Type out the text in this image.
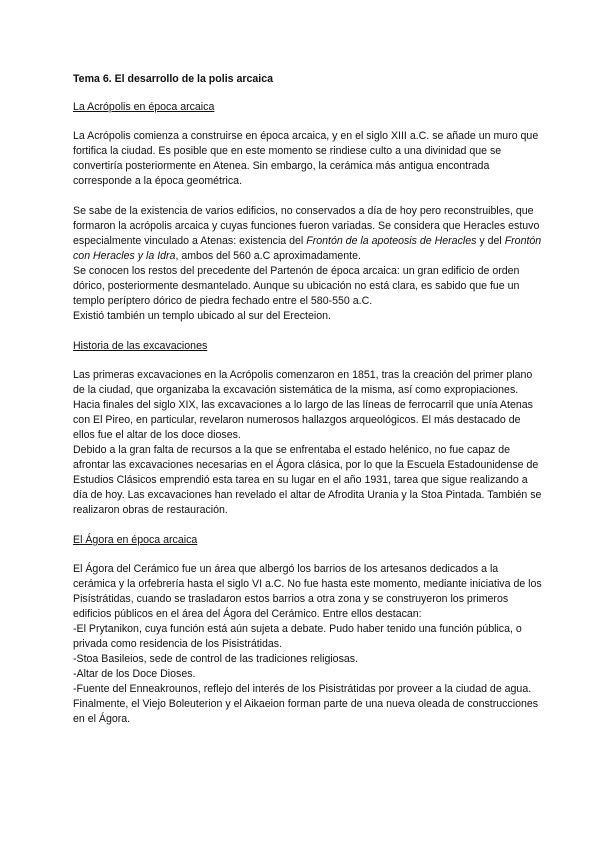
Tema 6. El desarrollo de la polis arcaica
La Acrópolis en época arcaica

La Acrópolis comienza a construirse en época arcaica, y en el siglo XIII a.C. se añade un muro que fortifica la ciudad. Es posible que en este momento se rindiese culto a una divinidad que se convertiría posteriormente en Atenea. Sin embargo, la cerámica más antigua encontrada corresponde a la época geométrica.

Se sabe de la existencia de varios edificios, no conservados a día de hoy pero reconstruibles, que formaron la acrópolis arcaica y cuyas funciones fueron variadas. Se considera que Heracles estuvo especialmente vinculado a Atenas: existencia del Frontón de la apoteosis de Heracles y del Frontón con Heracles y la Idra, ambos del 560 a.C aproximadamente.

Se conocen los restos del precedente del Partenón de época arcaica: un gran edificio de orden dórico, posteriormente desmantelado. Aunque su ubicación no está clara, es sabido que fue un templo períptero dórico de piedra fechado entre el 580-550 a.C.

Existió también un templo ubicado al sur del Erecteion.

Historia de las excavaciones

Las primeras excavaciones en la Acrópolis comenzaron en 1851, tras la creación del primer plano de la ciudad, que organizaba la excavación sistemática de la misma, así como expropiaciones. Hacia finales del siglo XIX, las excavaciones a lo largo de las líneas de ferrocarril que unía Atenas con El Pireo, en particular, revelaron numerosos hallazgos arqueológicos. El más destacado de ellos fue el altar de los doce dioses.

Debido a la gran falta de recursos a la que se enfrentaba el estado helénico, no fue capaz de afrontar las excavaciones necesarias en el Ágora clásica, por lo que la Escuela Estadounidense de Estudios Clásicos emprendió esta tarea en su lugar en el año 1931, tarea que sigue realizando a día de hoy. Las excavaciones han revelado el altar de Afrodita Urania y la Stoa Pintada. También se realizaron obras de restauración.

El Ágora en época arcaica

El Ágora del Cerámico fue un área que albergó los barrios de los artesanos dedicados a la cerámica y la orfebrería hasta el siglo VI a.C. No fue hasta este momento, mediante iniciativa de los Pisístrátidas, cuando se trasladaron estos barrios a otra zona y se construyeron los primeros edificios públicos en el área del Ágora del Cerámico. Entre ellos destacan:

-El Prytanikon, cuya función está aún sujeta a debate. Pudo haber tenido una función pública, o privada como residencia de los Pisistrátidas.

-Stoa Basileios, sede de control de las tradiciones religiosas.

-Altar de los Doce Dioses.

-Fuente del Enneakrounos, reflejo del interés de los Pisistrátidas por proveer a la ciudad de agua.

Finalmente, el Viejo Boleuterion y el Aikaeion forman parte de una nueva oleada de construcciones en el Ágora.
